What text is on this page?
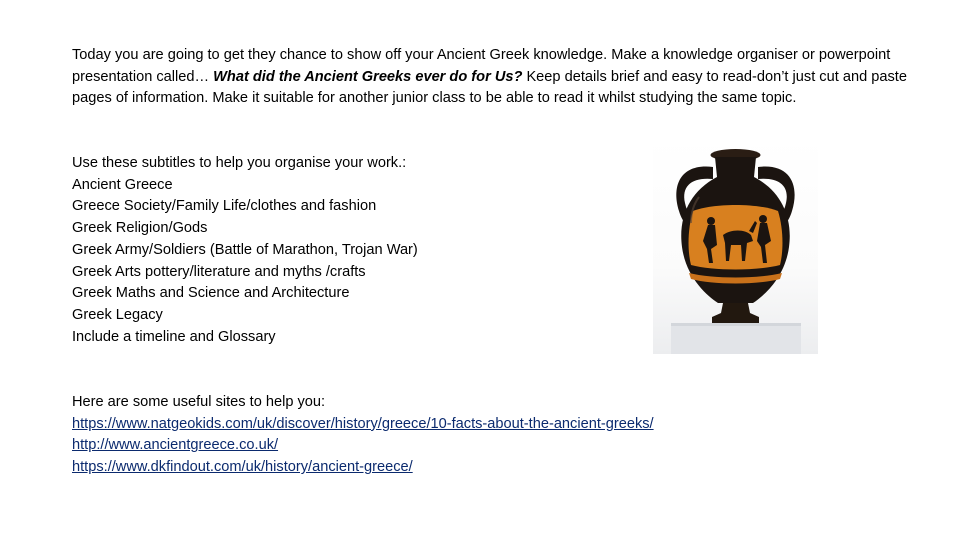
Today you are going to get they chance to show off your Ancient Greek knowledge. Make a knowledge organiser or powerpoint presentation called… What did the Ancient Greeks ever do for Us? Keep details brief and easy to read-don’t just cut and paste pages of information. Make it suitable for another junior class to be able to read it whilst studying the same topic.

Use these subtitles to help you organise your work.:
Ancient Greece
Greece Society/Family Life/clothes and fashion
Greek Religion/Gods
Greek Army/Soldiers (Battle of Marathon, Trojan War)
Greek Arts pottery/literature and myths /crafts
Greek Maths and Science and Architecture
Greek Legacy
Include a timeline and Glossary
Here are some useful sites to help you:
https://www.natgeokids.com/uk/discover/history/greece/10-facts-about-the-ancient-greeks/
http://www.ancientgreece.co.uk/
https://www.dkfindout.com/uk/history/ancient-greece/
